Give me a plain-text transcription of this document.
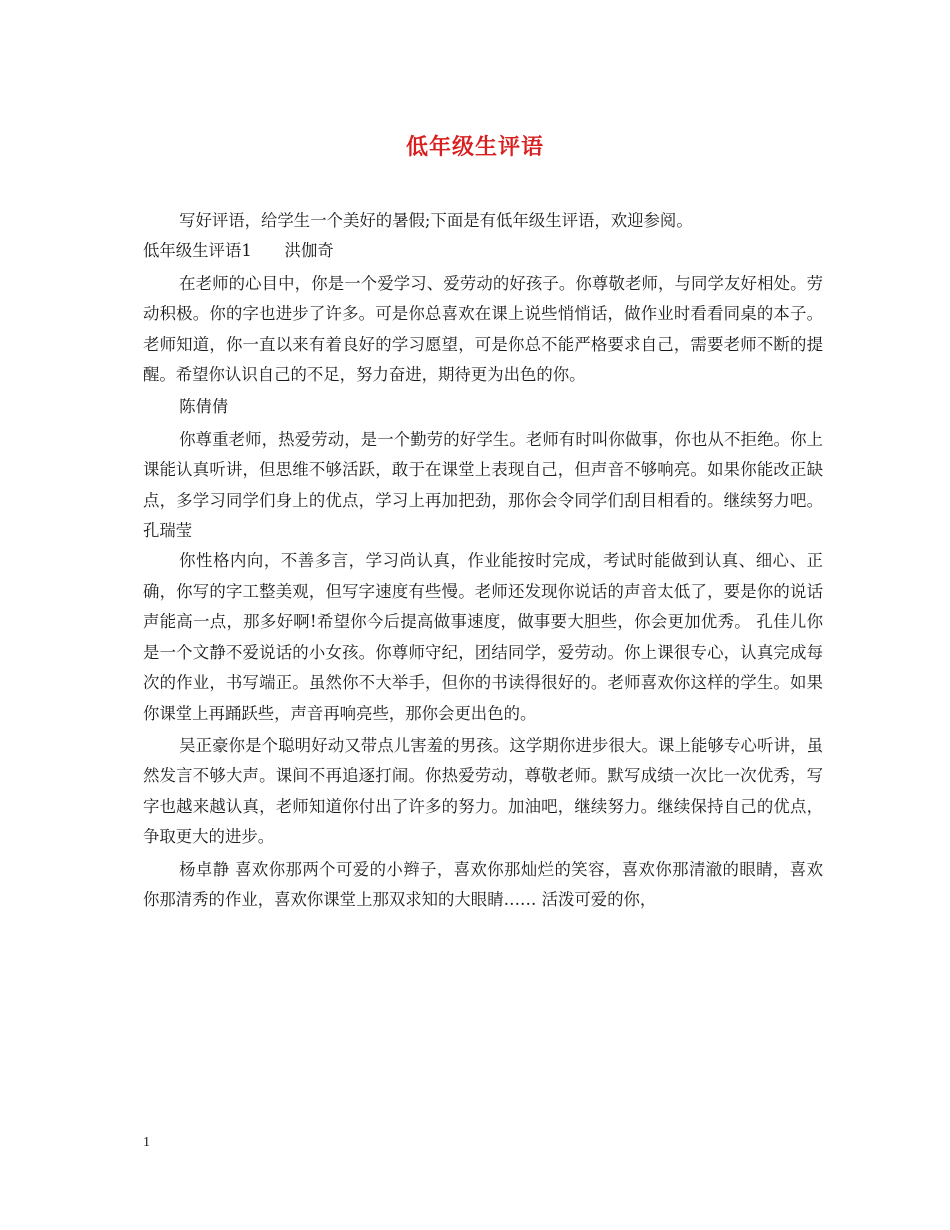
低年级生评语

写好评语，给学生一个美好的暑假;下面是有低年级生评语，欢迎参阅。

低年级生评语1　　洪伽奇

在老师的心目中，你是一个爱学习、爱劳动的好孩子。你尊敬老师，与同学友好相处。劳动积极。你的字也进步了许多。可是你总喜欢在课上说些悄悄话，做作业时看看同桌的本子。老师知道，你一直以来有着良好的学习愿望，可是你总不能严格要求自己，需要老师不断的提醒。希望你认识自己的不足，努力奋进，期待更为出色的你。

陈倩倩

你尊重老师，热爱劳动，是一个勤劳的好学生。老师有时叫你做事，你也从不拒绝。你上课能认真听讲，但思维不够活跃，敢于在课堂上表现自己，但声音不够响亮。如果你能改正缺点，多学习同学们身上的优点，学习上再加把劲，那你会令同学们刮目相看的。继续努力吧。 孔瑞莹

你性格内向，不善多言，学习尚认真，作业能按时完成，考试时能做到认真、细心、正确，你写的字工整美观，但写字速度有些慢。老师还发现你说话的声音太低了，要是你的说话声能高一点，那多好啊!希望你今后提高做事速度，做事要大胆些，你会更加优秀。 孔佳儿你是一个文静不爱说话的小女孩。你尊师守纪，团结同学，爱劳动。你上课很专心，认真完成每次的作业，书写端正。虽然你不大举手，但你的书读得很好的。老师喜欢你这样的学生。如果你课堂上再踊跃些，声音再响亮些，那你会更出色的。

吴正豪你是个聪明好动又带点儿害羞的男孩。这学期你进步很大。课上能够专心听讲，虽然发言不够大声。课间不再追逐打闹。你热爱劳动，尊敬老师。默写成绩一次比一次优秀，写字也越来越认真，老师知道你付出了许多的努力。加油吧，继续努力。继续保持自己的优点，争取更大的进步。

杨卓静 喜欢你那两个可爱的小辫子，喜欢你那灿烂的笑容，喜欢你那清澈的眼睛，喜欢你那清秀的作业，喜欢你课堂上那双求知的大眼睛…… 活泼可爱的你，

1
